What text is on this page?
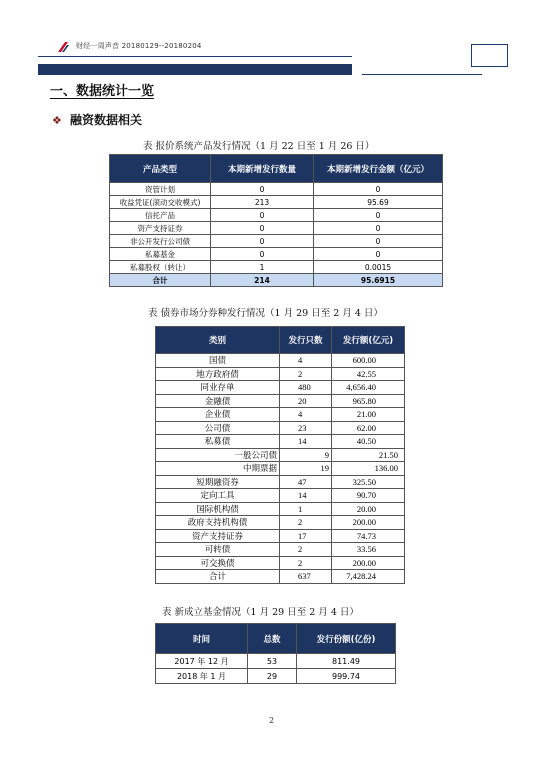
财经一周声音 20180129--20180204
一、数据统计一览
❖ 融资数据相关
表 报价系统产品发行情况（1 月 22 日至 1 月 26 日）
产品类型	本期新增发行数量	本期新增发行金额（亿元）
资管计划	0	0
收益凭证(滚动交收模式)	213	95.69
信托产品	0	0
资产支持证券	0	0
非公开发行公司债	0	0
私募基金	0	0
私募股权（转让）	1	0.0015
合计	214	95.6915
表 债券市场分券种发行情况（1 月 29 日至 2 月 4 日）
类别	发行只数	发行额(亿元)
国债	4	600.00
地方政府债	2	42.55
同业存单	480	4,656.40
金融债	20	965.80
企业债	4	21.00
公司债	23	62.00
私募债	14	40.50
一般公司债	9	21.50
中期票据	19	136.00
短期融资券	47	325.50
定向工具	14	90.70
国际机构债	1	20.00
政府支持机构债	2	200.00
资产支持证券	17	74.73
可转债	2	33.56
可交换债	2	200.00
合计	637	7,428.24
表 新成立基金情况（1 月 29 日至 2 月 4 日）
时间	总数	发行份额(亿份)
2017 年 12 月	53	811.49
2018 年 1 月	29	999.74
2
